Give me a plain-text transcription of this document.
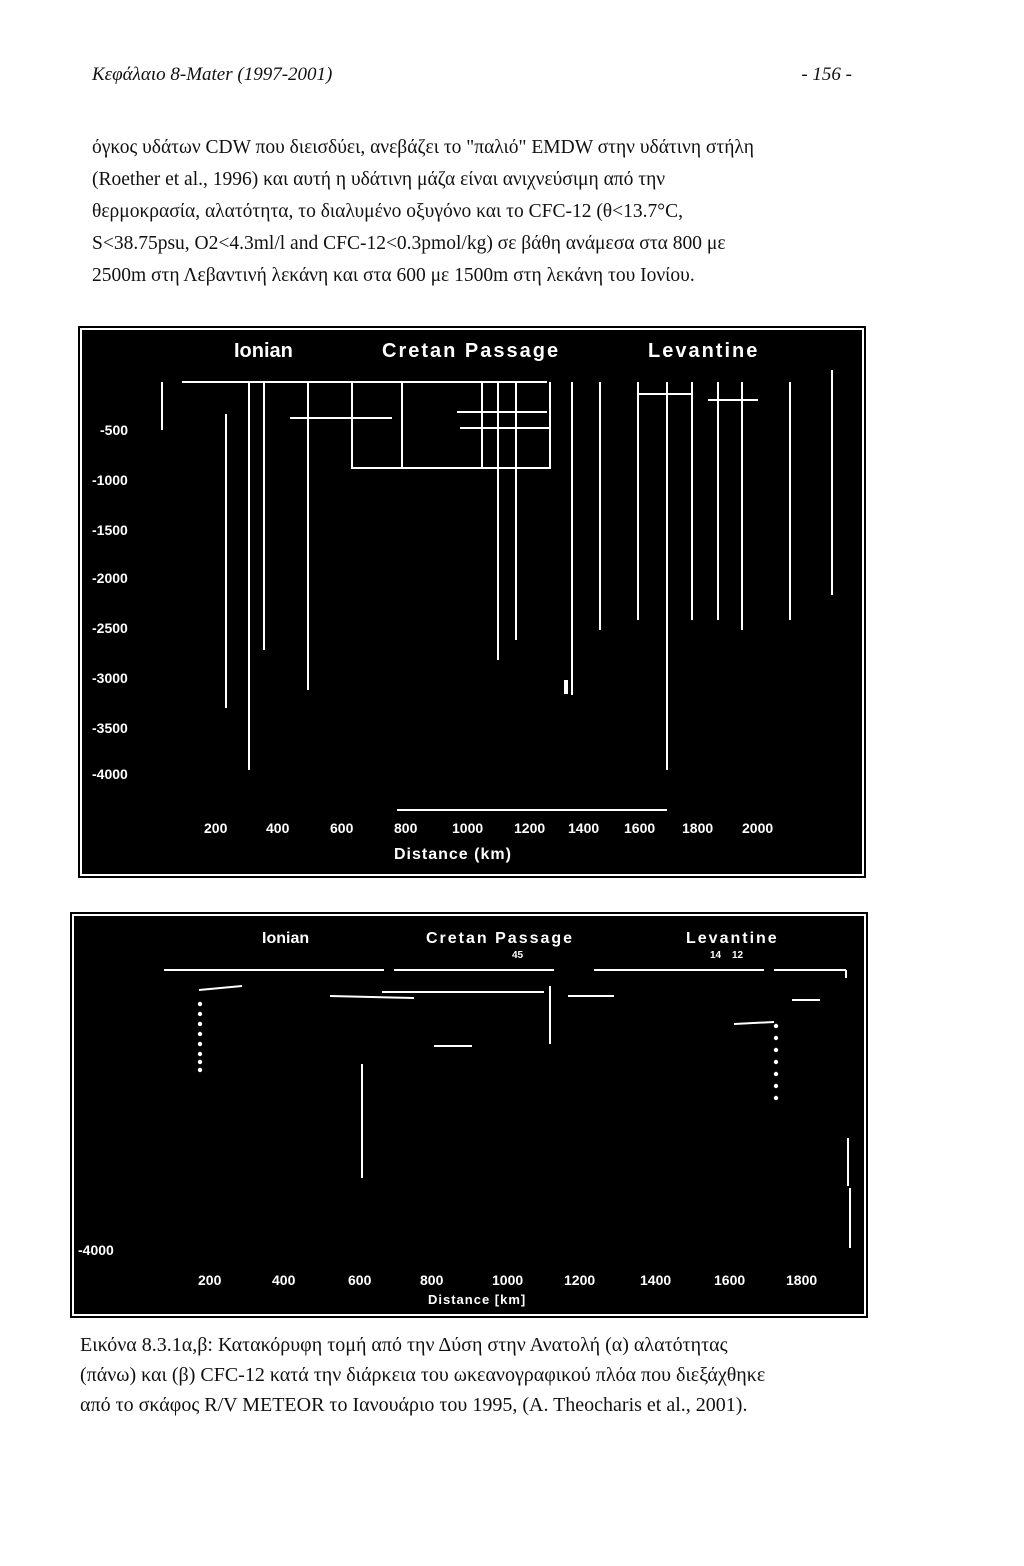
Κεφάλαιο 8-Mater (1997-2001)	- 156 -

όγκος υδάτων CDW που διεισδύει, ανεβάζει το "παλιό" EMDW στην υδάτινη στήλη

(Roether et al., 1996) και αυτή η υδάτινη μάζα είναι ανιχνεύσιμη από την

θερμοκρασία, αλατότητα, το διαλυμένο οξυγόνο και το CFC-12 (θ<13.7°C,

S<38.75psu, O2<4.3ml/l and CFC-12<0.3pmol/kg) σε βάθη ανάμεσα στα 800 με

2500m στη Λεβαντινή λεκάνη και στα 600 με 1500m στη λεκάνη του Ιονίου.

Ionian	Cretan Passage	Levantine
-500
-1000
-1500
-2000
-2500
-3000
-3500
-4000
200	400	600	800 1000 1200 1400 1600 1800 2000
Distance (km)
Ionian	Cretan Passage	Levantine
45	14 12
-4000
200	400	600	800	1000	1200	1400	1600	1800
Distance [km]

Εικόνα 8.3.1α,β: Κατακόρυφη τομή από την Δύση στην Ανατολή (α) αλατότητας

(πάνω) και (β) CFC-12 κατά την διάρκεια του ωκεανογραφικού πλόα που διεξάχθηκε

από το σκάφος R/V METEOR το Ιανουάριο του 1995, (A. Theocharis et al., 2001).
